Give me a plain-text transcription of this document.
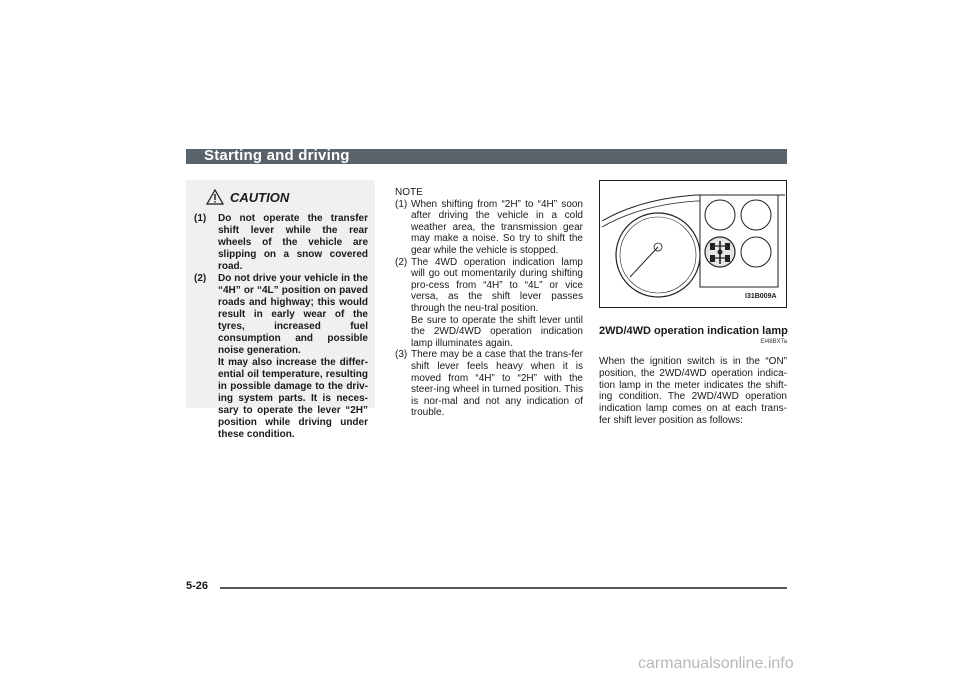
Starting and driving
CAUTION
(1) Do not operate the transfer shift lever while the rear wheels of the vehicle are slipping on a snow covered road.
(2) Do not drive your vehicle in the “4H” or “4L” position on paved roads and highway; this would result in early wear of the tyres, increased fuel consumption and possible noise generation.
It may also increase the differ-ential oil temperature, resulting in possible damage to the driv-ing system parts. It is neces-sary to operate the lever “2H” position while driving under these condition.
NOTE
(1) When shifting from “2H” to “4H” soon after driving the vehicle in a cold weather area, the transmission gear may make a noise. So try to shift the gear while the vehicle is stopped.
(2) The 4WD operation indication lamp will go out momentarily during shifting pro-cess from “4H” to “4L” or vice versa, as the shift lever passes through the neu-tral position.
Be sure to operate the shift lever until the 2WD/4WD operation indication lamp illuminates again.
(3) There may be a case that the trans-fer shift lever feels heavy when it is moved from “4H” to “2H” with the steer-ing wheel in turned position. This is nor-mal and not any indication of trouble.
I31B009A
2WD/4WD operation indication lamp
EI48BXTa
When the ignition switch is in the “ON” position, the 2WD/4WD operation indica-tion lamp in the meter indicates the shift-ing condition. The 2WD/4WD operation indication lamp comes on at each trans-fer shift lever position as follows:
5-26
carmanualsonline.info
